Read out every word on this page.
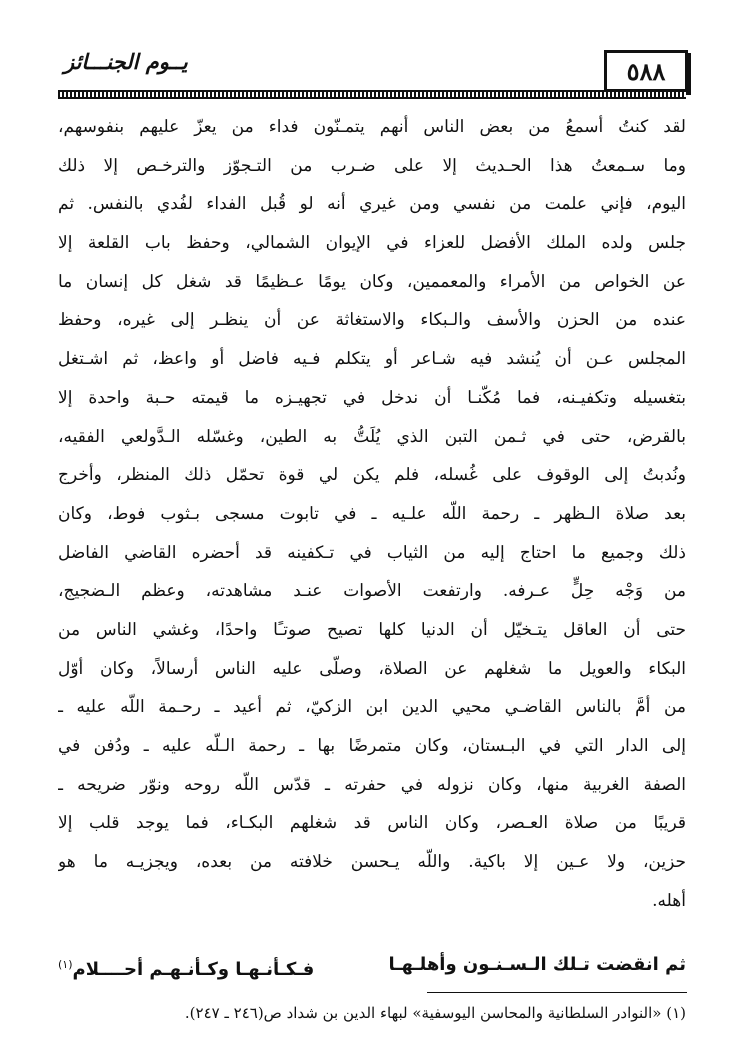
٥٨٨
يــوم الجنـــائز
لقد كنتُ أسمعُ من بعض الناس أنهم يتمـنّون فداء من يعزّ عليهم بنفوسهم،
وما سـمعتُ هذا الحـديث إلا على ضـرب من التـجوّز والترخـص إلا ذلك
اليوم، فإني علمت من نفسي ومن غيري أنه لو قُبل الفداء لفُدي بالنفس. ثم
جلس ولده الملك الأفضل للعزاء في الإيوان الشمالي، وحفظ باب القلعة إلا
عن الخواص من الأمراء والمعممين، وكان يومًا عـظيمًا قد شغل كل إنسان ما
عنده من الحزن والأسف والـبكاء والاستغاثة عن أن ينظـر إلى غيره، وحفظ
المجلس عـن أن يُنشد فيه شـاعر أو يتكلم فـيه فاضل أو واعظ، ثم اشـتغل
بتغسيله وتكفيـنه، فما مُكّنـا أن ندخل في تجهيـزه ما قيمته حـبة واحدة إلا
بالقرض، حتى في ثـمن التبن الذي يُلَتُّ به الطين، وغسّله الـدَّولعي الفقيه،
ونُدبتُ إلى الوقوف على غُسله، فلم يكن لي قوة تحمّل ذلك المنظر، وأخرج
بعد صلاة الـظهر ـ رحمة اللّه علـيه ـ في تابوت مسجى بـثوب فوط، وكان
ذلك وجميع ما احتاج إليه من الثياب في تـكفينه قد أحضره القاضي الفاضل
من وَجْه حِلٍّ عـرفه. وارتفعت الأصوات عنـد مشاهدته، وعظم الـضجيج،
حتى أن العاقل يتـخيّل أن الدنيا كلها تصيح صوتـًا واحدًا، وغشي الناس من
البكاء والعويل ما شغلهم عن الصلاة، وصلّى عليه الناس أرسالاً، وكان أوّل
من أمَّ بالناس القاضـي محيي الدين ابن الزكيّ، ثم أعيد ـ رحـمة اللّه عليه ـ
إلى الدار التي في البـستان، وكان متمرضًا بها ـ رحمة الـلّه عليه ـ ودُفن في
الصفة الغربية منها، وكان نزوله في حفرته ـ قدّس اللّه روحه ونوّر ضريحه ـ
قريبًا من صلاة العـصر، وكان الناس قد شغلهم البكـاء، فما يوجد قلب إلا
حزين، ولا عـين إلا باكية. واللّه يـحسن خلافته من بعده، ويجزيـه ما هو
أهله.
ثم انقضت تـلك الـسـنـون وأهلـهـا
فـكـأنـهـا وكـأنـهـم أحــــلام$^{(١)}$
(١) «النوادر السلطانية والمحاسن اليوسفية» لبهاء الدين بن شداد ص(٢٤٦ ـ ٢٤٧).
